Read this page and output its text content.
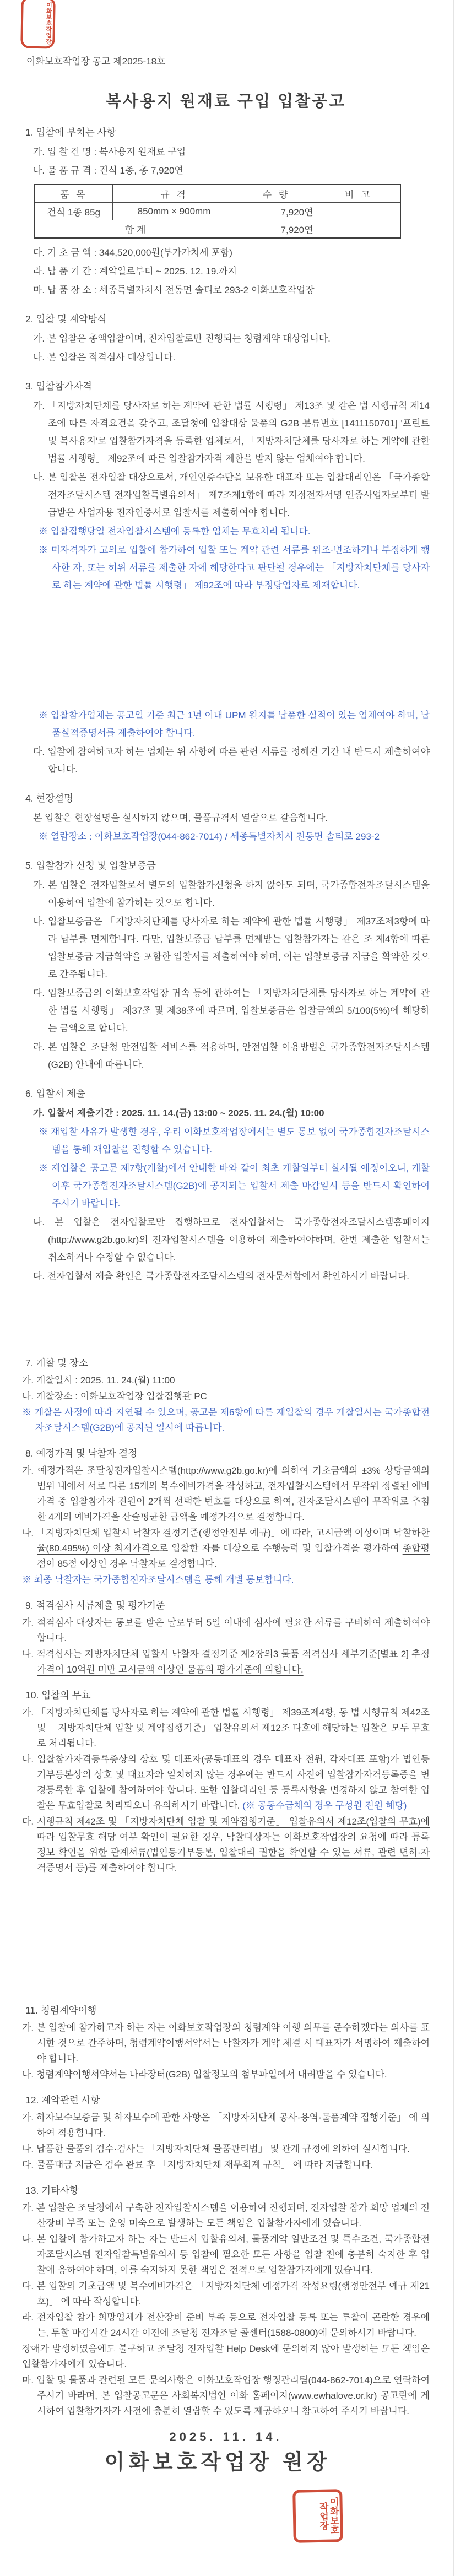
이화보호작업장

이화보호작업장 공고 제2025-18호

복사용지 원재료 구입 입찰공고

1. 입찰에 부치는 사항

가. 입 찰 건 명 : 복사용지 원재료 구입

나. 물 품 규 격 : 건식 1종, 총 7,920연

품 목	규 격	수 량	비 고
건식 1종 85g	850mm × 900mm	7,920연	
합 계		7,920연	

다. 기 초 금 액 : 344,520,000원(부가가치세 포함)

라. 납 품 기 간 : 계약일로부터 ~ 2025. 12. 19.까지

마. 납 품 장 소 : 세종특별자치시 전동면 솔티로 293-2 이화보호작업장

2. 입찰 및 계약방식

가. 본 입찰은 총액입찰이며, 전자입찰로만 진행되는 청렴계약 대상입니다.

나. 본 입찰은 적격심사 대상입니다.

3. 입찰참가자격

가. 「지방자치단체를 당사자로 하는 계약에 관한 법률 시행령」 제13조 및 같은 법 시행규칙 제14조에 따른 자격요건을 갖추고, 조달청에 입찰대상 물품의 G2B 분류번호 [1411150701] '프린트 및 복사용지'로 입찰참가자격을 등록한 업체로서, 「지방자치단체를 당사자로 하는 계약에 관한 법률 시행령」 제92조에 따른 입찰참가자격 제한을 받지 않는 업체여야 합니다.

나. 본 입찰은 전자입찰 대상으로서, 개인인증수단을 보유한 대표자 또는 입찰대리인은 「국가종합전자조달시스템 전자입찰특별유의서」 제7조제1항에 따라 지정전자서명 인증사업자로부터 발급받은 사업자용 전자인증서로 입찰서를 제출하여야 합니다.

※ 입찰집행당일 전자입찰시스템에 등록한 업체는 무효처리 됩니다.

※ 미자격자가 고의로 입찰에 참가하여 입찰 또는 계약 관련 서류를 위조·변조하거나 부정하게 행사한 자, 또는 허위 서류를 제출한 자에 해당한다고 판단될 경우에는 「지방자치단체를 당사자로 하는 계약에 관한 법률 시행령」 제92조에 따라 부정당업자로 제재합니다.

※ 입찰참가업체는 공고일 기준 최근 1년 이내 UPM 원지를 납품한 실적이 있는 업체여야 하며, 납품실적증명서를 제출하여야 합니다.

다. 입찰에 참여하고자 하는 업체는 위 사항에 따른 관련 서류를 정해진 기간 내 반드시 제출하여야 합니다.

4. 현장설명

본 입찰은 현장설명을 실시하지 않으며, 물품규격서 열람으로 갈음합니다.

※ 열람장소 : 이화보호작업장(044-862-7014) / 세종특별자치시 전동면 솔티로 293-2

5. 입찰참가 신청 및 입찰보증금

가. 본 입찰은 전자입찰로서 별도의 입찰참가신청을 하지 않아도 되며, 국가종합전자조달시스템을 이용하여 입찰에 참가하는 것으로 합니다.

나. 입찰보증금은 「지방자치단체를 당사자로 하는 계약에 관한 법률 시행령」 제37조제3항에 따라 납부를 면제합니다. 다만, 입찰보증금 납부를 면제받는 입찰참가자는 같은 조 제4항에 따른 입찰보증금 지급확약을 포함한 입찰서를 제출하여야 하며, 이는 입찰보증금 지급을 확약한 것으로 간주됩니다.

다. 입찰보증금의 이화보호작업장 귀속 등에 관하여는 「지방자치단체를 당사자로 하는 계약에 관한 법률 시행령」 제37조 및 제38조에 따르며, 입찰보증금은 입찰금액의 5/100(5%)에 해당하는 금액으로 합니다.

라. 본 입찰은 조달청 안전입찰 서비스를 적용하며, 안전입찰 이용방법은 국가종합전자조달시스템(G2B) 안내에 따릅니다.

6. 입찰서 제출

가. 입찰서 제출기간 : 2025. 11. 14.(금) 13:00 ~ 2025. 11. 24.(월) 10:00

※ 재입찰 사유가 발생할 경우, 우리 이화보호작업장에서는 별도 통보 없이 국가종합전자조달시스템을 통해 재입찰을 진행할 수 있습니다.

※ 재입찰은 공고문 제7항(개찰)에서 안내한 바와 같이 최초 개찰일부터 실시될 예정이오니, 개찰 이후 국가종합전자조달시스템(G2B)에 공지되는 입찰서 제출 마감일시 등을 반드시 확인하여 주시기 바랍니다.

나. 본 입찰은 전자입찰로만 집행하므로 전자입찰서는 국가종합전자조달시스템홈페이지(http://www.g2b.go.kr)의 전자입찰시스템을 이용하여 제출하여야하며, 한번 제출한 입찰서는 취소하거나 수정할 수 없습니다.

다. 전자입찰서 제출 확인은 국가종합전자조달시스템의 전자문서함에서 확인하시기 바랍니다.

7. 개찰 및 장소

가. 개찰일시 : 2025. 11. 24.(월) 11:00

나. 개찰장소 : 이화보호작업장 입찰집행관 PC

※ 개찰은 사정에 따라 지연될 수 있으며, 공고문 제6항에 따른 재입찰의 경우 개찰일시는 국가종합전자조달시스템(G2B)에 공지된 일시에 따릅니다.

8. 예정가격 및 낙찰자 결정

가. 예정가격은 조달청전자입찰시스템(http://www.g2b.go.kr)에 의하여 기초금액의 ±3% 상당금액의 범위 내에서 서로 다른 15개의 복수예비가격을 작성하고, 전자입찰시스템에서 무작위 정렬된 예비가격 중 입찰참가자 전원이 2개씩 선택한 번호를 대상으로 하여, 전자조달시스템이 무작위로 추첨한 4개의 예비가격을 산술평균한 금액을 예정가격으로 결정합니다.

나. 「지방자치단체 입찰시 낙찰자 결정기준(행정안전부 예규)」에 따라, 고시금액 이상이며 낙찰하한율(80.495%) 이상 최저가격으로 입찰한 자를 대상으로 수행능력 및 입찰가격을 평가하여 종합평점이 85점 이상인 경우 낙찰자로 결정합니다.

※ 최종 낙찰자는 국가종합전자조달시스템을 통해 개별 통보합니다.

9. 적격심사 서류제출 및 평가기준

가. 적격심사 대상자는 통보를 받은 날로부터 5일 이내에 심사에 필요한 서류를 구비하여 제출하여야 합니다.

나. 적격심사는 지방자치단체 입찰시 낙찰자 결정기준 제2장의3 물품 적격심사 세부기준[별표 2] 추정가격이 10억원 미만 고시금액 이상인 물품의 평가기준에 의합니다.

10. 입찰의 무효

가. 「지방자치단체를 당사자로 하는 계약에 관한 법률 시행령」 제39조제4항, 동 법 시행규칙 제42조 및 「지방자치단체 입찰 및 계약집행기준」 입찰유의서 제12조 다호에 해당하는 입찰은 모두 무효로 처리됩니다.

나. 입찰참가자격등록증상의 상호 및 대표자(공동대표의 경우 대표자 전원, 각자대표 포함)가 법인등기부등본상의 상호 및 대표자와 일치하지 않는 경우에는 반드시 사전에 입찰참가자격등록증을 변경등록한 후 입찰에 참여하여야 합니다. 또한 입찰대리인 등 등록사항을 변경하지 않고 참여한 입찰은 무효입찰로 처리되오니 유의하시기 바랍니다. (※ 공동수급체의 경우 구성원 전원 해당)

다. 시행규칙 제42조 및 「지방자치단체 입찰 및 계약집행기준」 입찰유의서 제12조(입찰의 무효)에 따라 입찰무효 해당 여부 확인이 필요한 경우, 낙찰대상자는 이화보호작업장의 요청에 따라 등록정보 확인을 위한 관계서류(법인등기부등본, 입찰대리 권한을 확인할 수 있는 서류, 관련 면허·자격증명서 등)를 제출하여야 합니다.

11. 청렴계약이행

가. 본 입찰에 참가하고자 하는 자는 이화보호작업장의 청렴계약 이행 의무를 준수하겠다는 의사를 표시한 것으로 간주하며, 청렴계약이행서약서는 낙찰자가 계약 체결 시 대표자가 서명하여 제출하여야 합니다.

나. 청렴계약이행서약서는 나라장터(G2B) 입찰정보의 첨부파일에서 내려받을 수 있습니다.

12. 계약관련 사항

가. 하자보수보증금 및 하자보수에 관한 사항은 「지방자치단체 공사·용역·물품계약 집행기준」 에 의하여 적용합니다.

나. 납품한 물품의 검수·검사는 「지방자치단체 물품관리법」 및 관계 규정에 의하여 실시합니다.

다. 물품대금 지급은 검수 완료 후 「지방자치단체 재무회계 규칙」 에 따라 지급합니다.

13. 기타사항

가. 본 입찰은 조달청에서 구축한 전자입찰시스템을 이용하여 진행되며, 전자입찰 참가 희망 업체의 전산장비 부족 또는 운영 미숙으로 발생하는 모든 책임은 입찰참가자에게 있습니다.

나. 본 입찰에 참가하고자 하는 자는 반드시 입찰유의서, 물품계약 일반조건 및 특수조건, 국가종합전자조달시스템 전자입찰특별유의서 등 입찰에 필요한 모든 사항을 입찰 전에 충분히 숙지한 후 입찰에 응하여야 하며, 이를 숙지하지 못한 책임은 전적으로 입찰참가자에게 있습니다.

다. 본 입찰의 기초금액 및 복수예비가격은 「지방자치단체 예정가격 작성요령(행정안전부 예규 제21호)」 에 따라 작성합니다.

라. 전자입찰 참가 희망업체가 전산장비 준비 부족 등으로 전자입찰 등록 또는 투찰이 곤란한 경우에는, 투찰 마감시간 24시간 이전에 조달청 전자조달 콜센터(1588-0800)에 문의하시기 바랍니다.

장애가 발생하였음에도 불구하고 조달청 전자입찰 Help Desk에 문의하지 않아 발생하는 모든 책임은 입찰참가자에게 있습니다.

마. 입찰 및 물품과 관련된 모든 문의사항은 이화보호작업장 행정관리팀(044-862-7014)으로 연락하여 주시기 바라며, 본 입찰공고문은 사회복지법인 이화 홈페이지(www.ewhalove.or.kr) 공고란에 게시하여 입찰참가자가 사전에 충분히 열람할 수 있도록 제공하오니 참고하여 주시기 바랍니다.

2025. 11. 14.

이화보호작업장 원장

이화보호작업장
